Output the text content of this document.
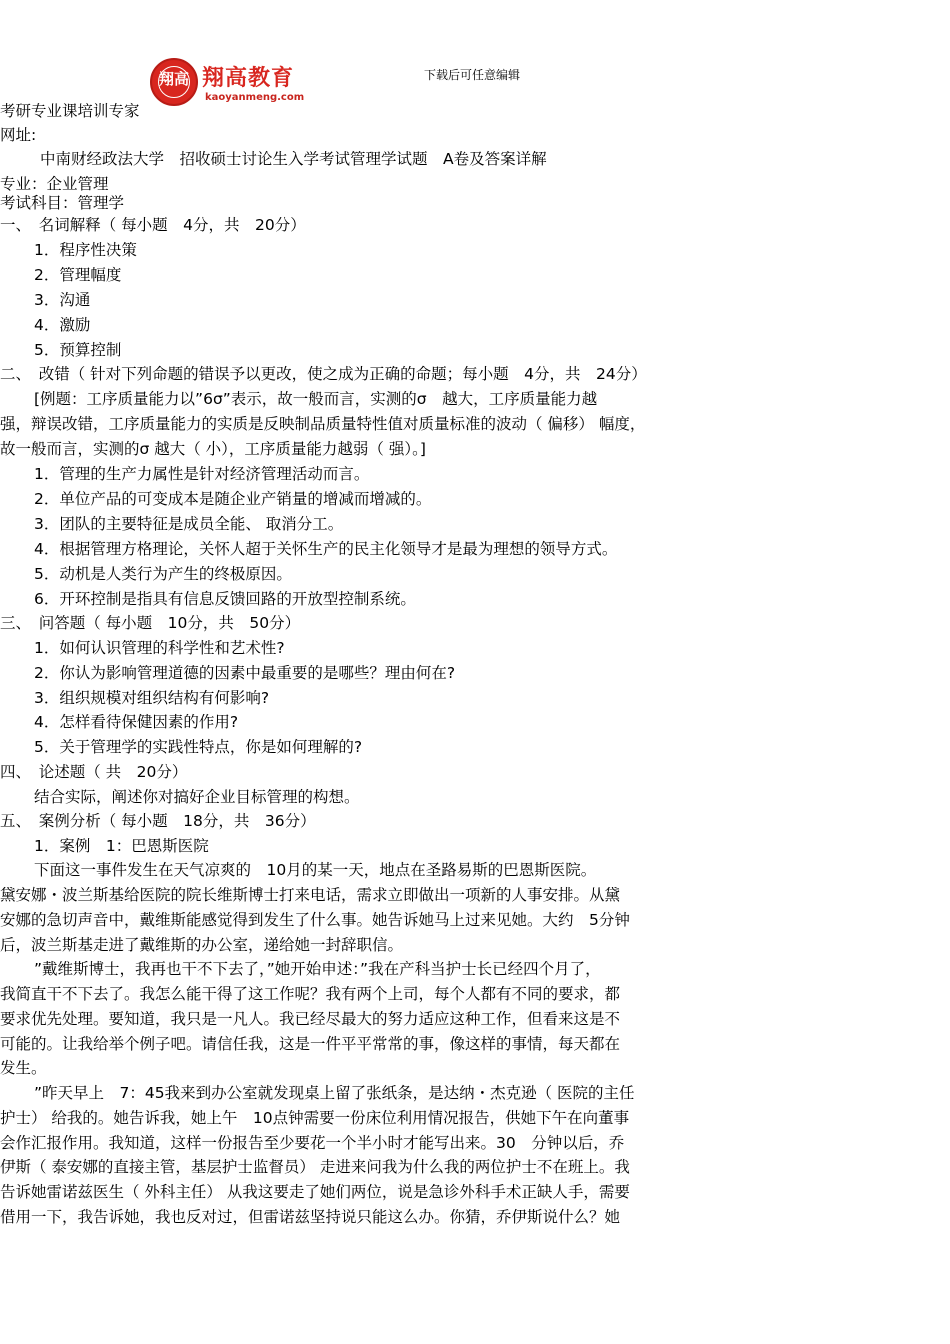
翔高 翔高教育
kaoyanmeng.com
下载后可任意编辑
考研专业课培训专家
网址:
中南财经政法大学　招收硕士讨论生入学考试管理学试题　A卷及答案详解
专业：企业管理
考试科目：管理学
一、　名词解释（ 每小题　4分，共　20分）
1．程序性决策
2．管理幅度
3．沟通
4．激励
5．预算控制
二、　改错（ 针对下列命题的错误予以更改，使之成为正确的命题；每小题　4分，共　24分）
[例题：工序质量能力以”6σ”表示，故一般而言，实测的σ　越大，工序质量能力越
强，辩误改错，工序质量能力的实质是反映制品质量特性值对质量标准的波动（ 偏移） 幅度，
故一般而言，实测的σ 越大（ 小），工序质量能力越弱（ 强）。]
1．管理的生产力属性是针对经济管理活动而言。
2．单位产品的可变成本是随企业产销量的增减而增减的。
3．团队的主要特征是成员全能、 取消分工。
4．根据管理方格理论，关怀人超于关怀生产的民主化领导才是最为理想的领导方式。
5．动机是人类行为产生的终极原因。
6．开环控制是指具有信息反馈回路的开放型控制系统。
三、　问答题（ 每小题　10分，共　50分）
1．如何认识管理的科学性和艺术性?
2．你认为影响管理道德的因素中最重要的是哪些？理由何在?
3．组织规模对组织结构有何影响?
4．怎样看待保健因素的作用?
5．关于管理学的实践性特点，你是如何理解的?
四、　论述题（ 共　20分）
结合实际，阐述你对搞好企业目标管理的构想。
五、　案例分析（ 每小题　18分，共　36分）
1．案例　1：巴恩斯医院
下面这一事件发生在天气凉爽的　10月的某一天，地点在圣路易斯的巴恩斯医院。
黛安娜・波兰斯基给医院的院长维斯博士打来电话，需求立即做出一项新的人事安排。从黛
安娜的急切声音中，戴维斯能感觉得到发生了什么事。她告诉她马上过来见她。大约　5分钟
后，波兰斯基走进了戴维斯的办公室，递给她一封辞职信。
”戴维斯博士，我再也干不下去了，”她开始申述：”我在产科当护士长已经四个月了，
我简直干不下去了。我怎么能干得了这工作呢？我有两个上司，每个人都有不同的要求，都
要求优先处理。要知道，我只是一凡人。我已经尽最大的努力适应这种工作，但看来这是不
可能的。让我给举个例子吧。请信任我，这是一件平平常常的事，像这样的事情，每天都在
发生。
”昨天早上　7：45我来到办公室就发现桌上留了张纸条，是达纳・杰克逊（ 医院的主任
护士） 给我的。她告诉我，她上午　10点钟需要一份床位利用情况报告，供她下午在向董事
会作汇报作用。我知道，这样一份报告至少要花一个半小时才能写出来。30　分钟以后，乔
伊斯（ 泰安娜的直接主管，基层护士监督员） 走进来问我为什么我的两位护士不在班上。我
告诉她雷诺兹医生（ 外科主任） 从我这要走了她们两位，说是急诊外科手术正缺人手，需要
借用一下，我告诉她，我也反对过，但雷诺兹坚持说只能这么办。你猜，乔伊斯说什么？她
